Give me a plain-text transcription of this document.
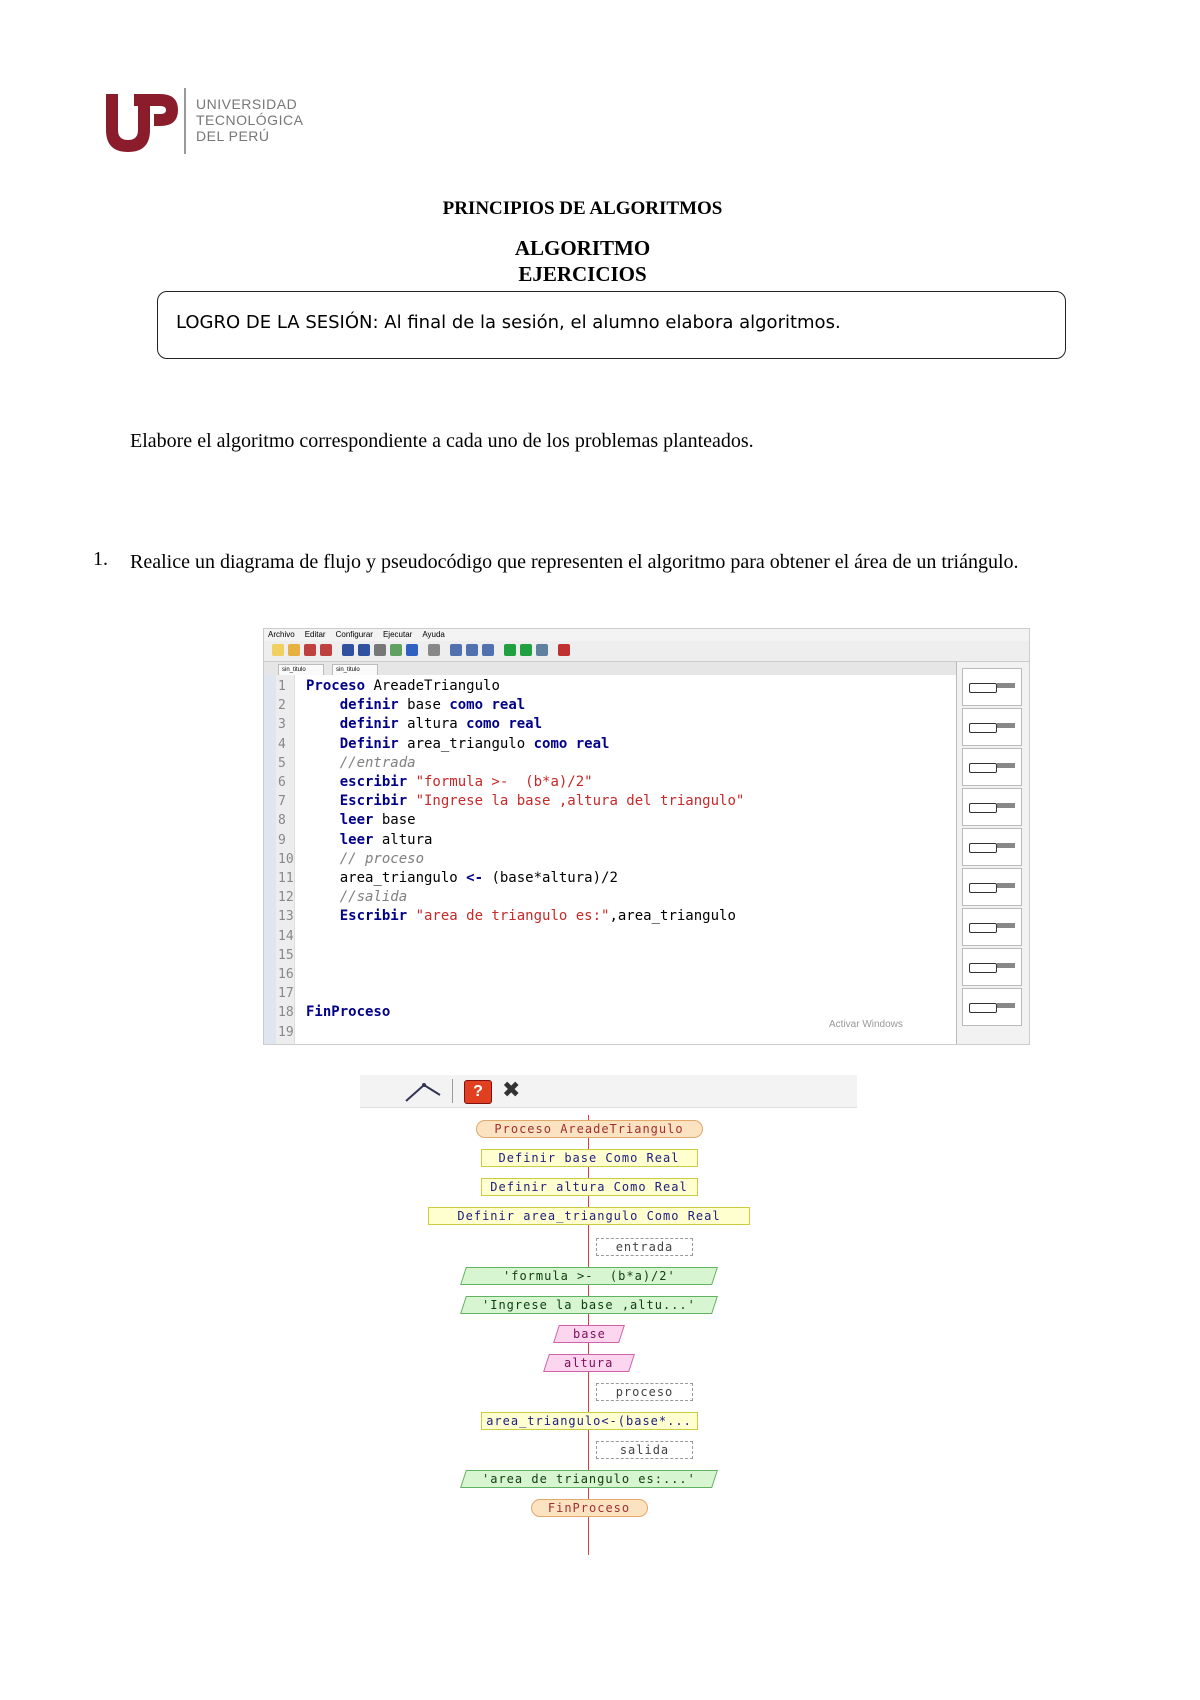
UNIVERSIDAD
TECNOLÓGICA
DEL PERÚ
PRINCIPIOS DE ALGORITMOS
ALGORITMO
EJERCICIOS
LOGRO DE LA SESIÓN: Al final de la sesión, el alumno elabora algoritmos.
Elabore el algoritmo correspondiente a cada uno de los problemas planteados.
1. Realice un diagrama de flujo y pseudocódigo que representen el algoritmo para obtener el área de un triángulo.
Archivo Editar Configurar Ejecutar Ayuda
sin_titulo	sin_titulo
1	Proceso AreadeTriangulo
2	definir base como real
3	definir altura como real
4	Definir area_triangulo como real
5	//entrada
6	escribir "formula >-  (b*a)/2"
7	Escribir "Ingrese la base ,altura del triangulo"
8	leer base
9	leer altura
10 // proceso
11 area_triangulo <- (base*altura)/2
12 //salida
13 Escribir "area de triangulo es:",area_triangulo
14
15
16
17
18 FinProceso
19
Activar Windows
? ✖
Proceso AreadeTriangulo
Definir base Como Real
Definir altura Como Real
Definir area_triangulo Como Real
entrada
'formula >-  (b*a)/2'
'Ingrese la base ,altu...'
base
altura
proceso
area_triangulo<-(base*...
salida
'area de triangulo es:...'
FinProceso
